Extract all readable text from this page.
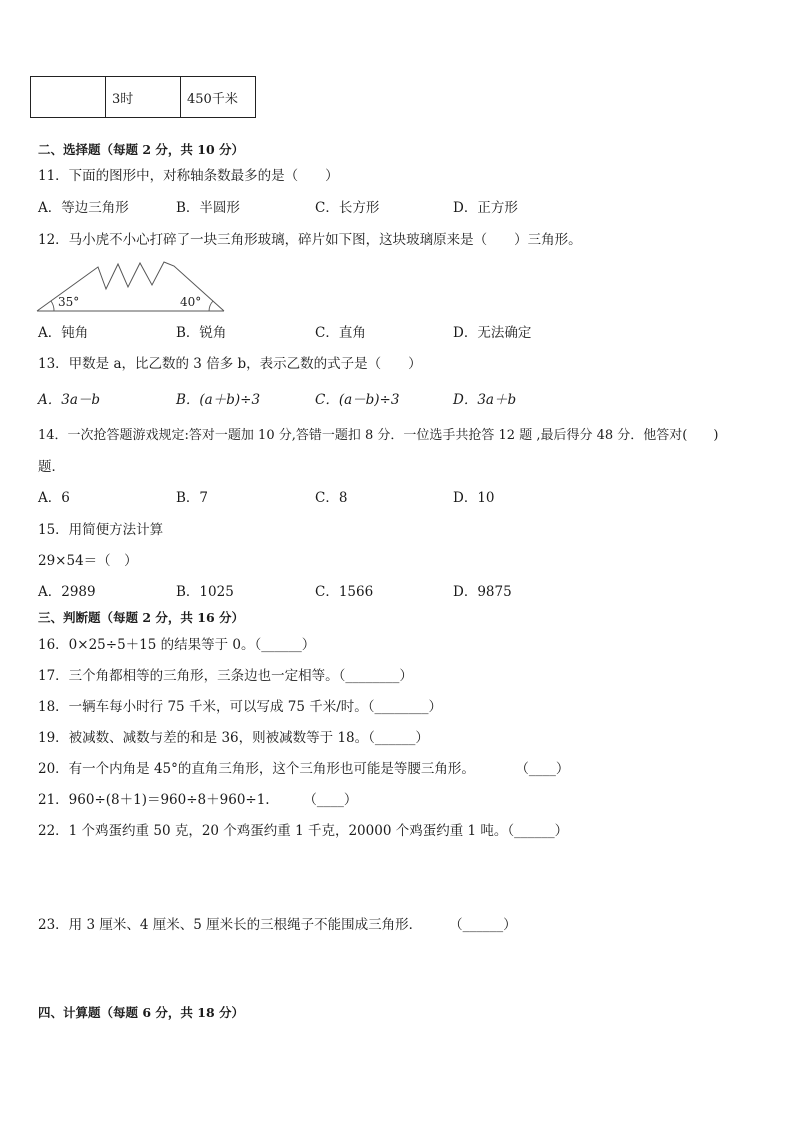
	3时	450千米
二、选择题（每题 2 分，共 10 分）
11．下面的图形中，对称轴条数最多的是（　　）
A．等边三角形	B．半圆形	C．长方形	D．正方形
12．马小虎不小心打碎了一块三角形玻璃，碎片如下图，这块玻璃原来是（　　）三角形。
35°	40°
A．钝角	B．锐角	C．直角	D．无法确定
13．甲数是 a，比乙数的 3 倍多 b，表示乙数的式子是（　　）
A．3a－b	B．(a＋b)÷3	C．(a－b)÷3	D．3a＋b
14．一次抢答题游戏规定:答对一题加 10 分,答错一题扣 8 分．一位选手共抢答 12 题 ,最后得分 48 分．他答对(　　)
题．
A．6	B．7	C．8	D．10
15．用简便方法计算
29×54＝（　）
A．2989	B．1025	C．1566	D．9875
三、判断题（每题 2 分，共 16 分）
16．0×25÷5＋15 的结果等于 0。（______）
17．三个角都相等的三角形，三条边也一定相等。（________）
18．一辆车每小时行 75 千米，可以写成 75 千米/时。（________）
19．被减数、减数与差的和是 36，则被减数等于 18。（______）
20．有一个内角是 45°的直角三角形，这个三角形也可能是等腰三角形。　　　　（____）
21．960÷(8＋1)＝960÷8＋960÷1.　　　（____）
22．1 个鸡蛋约重 50 克，20 个鸡蛋约重 1 千克，20000 个鸡蛋约重 1 吨。（______）
23．用 3 厘米、4 厘米、5 厘米长的三根绳子不能围成三角形．　　　（______）
四、计算题（每题 6 分，共 18 分）
